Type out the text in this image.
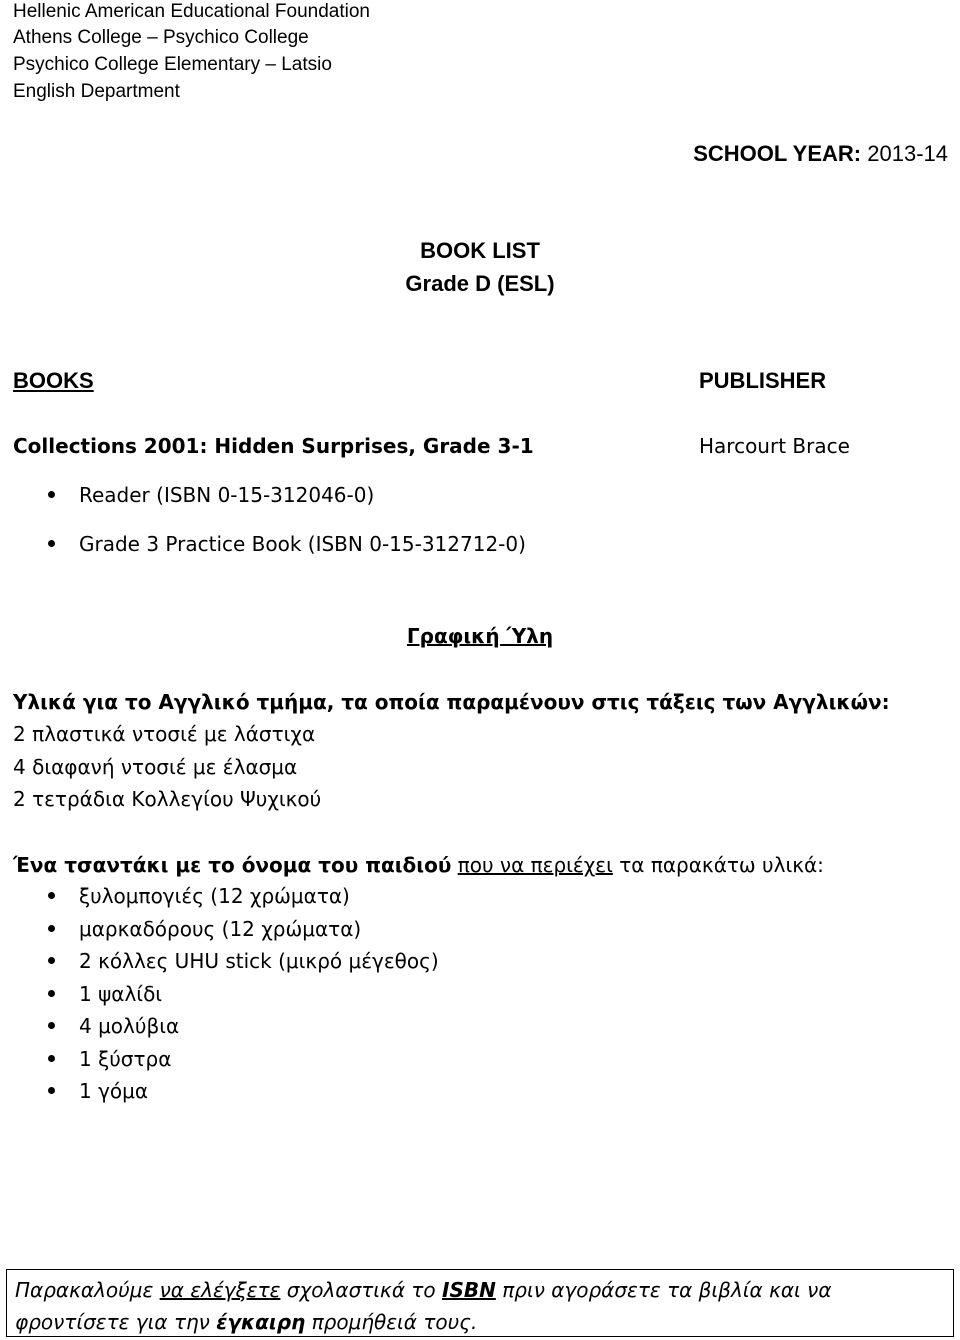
Hellenic American Educational Foundation
Athens College – Psychico College
Psychico College Elementary – Latsio
English Department
SCHOOL YEAR: 2013-14
BOOK LIST
Grade D (ESL)
BOOKS	PUBLISHER
Collections 2001: Hidden Surprises, Grade 3-1	Harcourt Brace
Reader (ISBN 0-15-312046-0)
Grade 3 Practice Book (ISBN 0-15-312712-0)
Γραφική Ύλη
Υλικά για το Αγγλικό τμήμα, τα οποία παραμένουν στις τάξεις των Αγγλικών:
2 πλαστικά ντοσιέ με λάστιχα
4 διαφανή ντοσιέ με έλασμα
2 τετράδια Κολλεγίου Ψυχικού
Ένα τσαντάκι με το όνομα του παιδιού που να περιέχει τα παρακάτω υλικά:
ξυλομπογιές (12 χρώματα)
μαρκαδόρους (12 χρώματα)
2 κόλλες UHU stick (μικρό μέγεθος)
1 ψαλίδι
4 μολύβια
1 ξύστρα
1 γόμα
Παρακαλούμε να ελέγξετε σχολαστικά το ISBN πριν αγοράσετε τα βιβλία και να φροντίσετε για την έγκαιρη προμήθειά τους.
